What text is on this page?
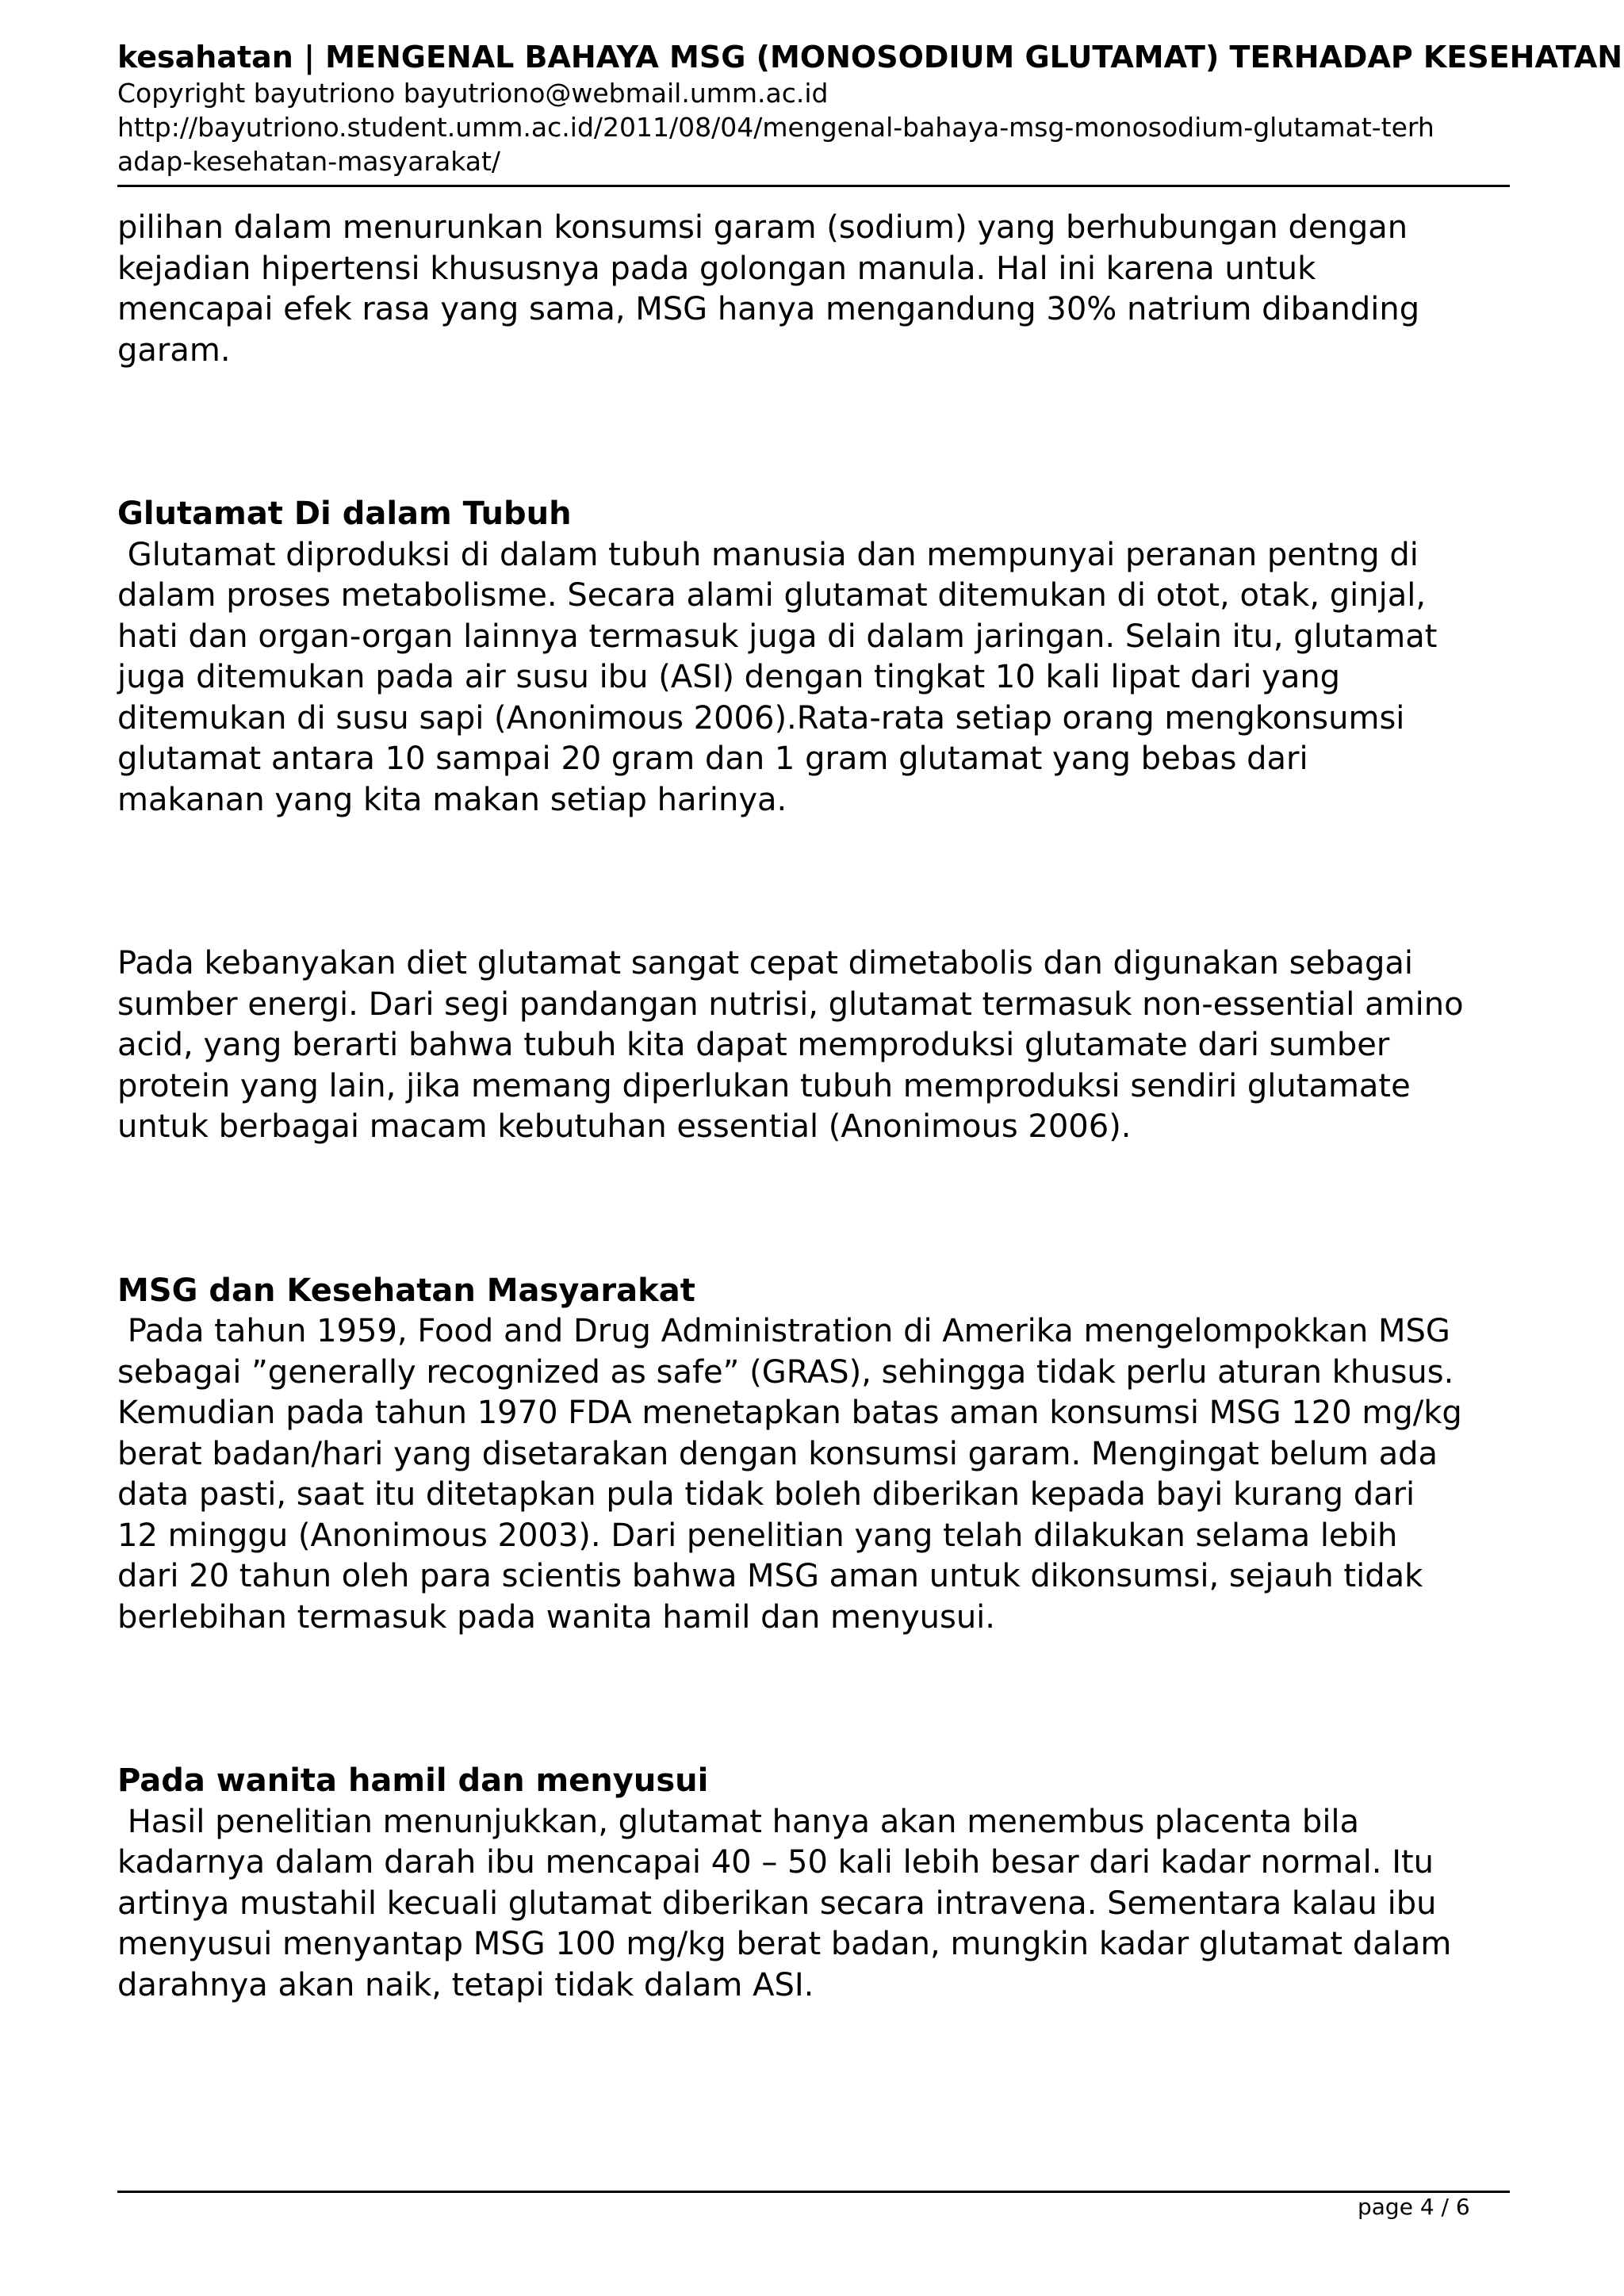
kesahatan | MENGENAL BAHAYA MSG (MONOSODIUM GLUTAMAT) TERHADAP KESEHATAN

Copyright bayutriono bayutriono@webmail.umm.ac.id

http://bayutriono.student.umm.ac.id/2011/08/04/mengenal-bahaya-msg-monosodium-glutamat-terh

adap-kesehatan-masyarakat/

pilihan dalam menurunkan konsumsi garam (sodium) yang berhubungan dengan
kejadian hipertensi khususnya pada golongan manula. Hal ini karena untuk
mencapai efek rasa yang sama, MSG hanya mengandung 30% natrium dibanding
garam.
Glutamat Di dalam Tubuh
Glutamat diproduksi di dalam tubuh manusia dan mempunyai peranan pentng di
dalam proses metabolisme. Secara alami glutamat ditemukan di otot, otak, ginjal,
hati dan organ-organ lainnya termasuk juga di dalam jaringan. Selain itu, glutamat
juga ditemukan pada air susu ibu (ASI) dengan tingkat 10 kali lipat dari yang
ditemukan di susu sapi (Anonimous 2006).Rata-rata setiap orang mengkonsumsi
glutamat antara 10 sampai 20 gram dan 1 gram glutamat yang bebas dari
makanan yang kita makan setiap harinya.
Pada kebanyakan diet glutamat sangat cepat dimetabolis dan digunakan sebagai
sumber energi. Dari segi pandangan nutrisi, glutamat termasuk non-essential amino
acid, yang berarti bahwa tubuh kita dapat memproduksi glutamate dari sumber
protein yang lain, jika memang diperlukan tubuh memproduksi sendiri glutamate
untuk berbagai macam kebutuhan essential (Anonimous 2006).
MSG dan Kesehatan Masyarakat
Pada tahun 1959, Food and Drug Administration di Amerika mengelompokkan MSG
sebagai ”generally recognized as safe” (GRAS), sehingga tidak perlu aturan khusus.
Kemudian pada tahun 1970 FDA menetapkan batas aman konsumsi MSG 120 mg/kg
berat badan/hari yang disetarakan dengan konsumsi garam. Mengingat belum ada
data pasti, saat itu ditetapkan pula tidak boleh diberikan kepada bayi kurang dari
12 minggu (Anonimous 2003). Dari penelitian yang telah dilakukan selama lebih
dari 20 tahun oleh para scientis bahwa MSG aman untuk dikonsumsi, sejauh tidak
berlebihan termasuk pada wanita hamil dan menyusui.
Pada wanita hamil dan menyusui
Hasil penelitian menunjukkan, glutamat hanya akan menembus placenta bila
kadarnya dalam darah ibu mencapai 40 – 50 kali lebih besar dari kadar normal. Itu
artinya mustahil kecuali glutamat diberikan secara intravena. Sementara kalau ibu
menyusui menyantap MSG 100 mg/kg berat badan, mungkin kadar glutamat dalam
darahnya akan naik, tetapi tidak dalam ASI.
page 4 / 6
